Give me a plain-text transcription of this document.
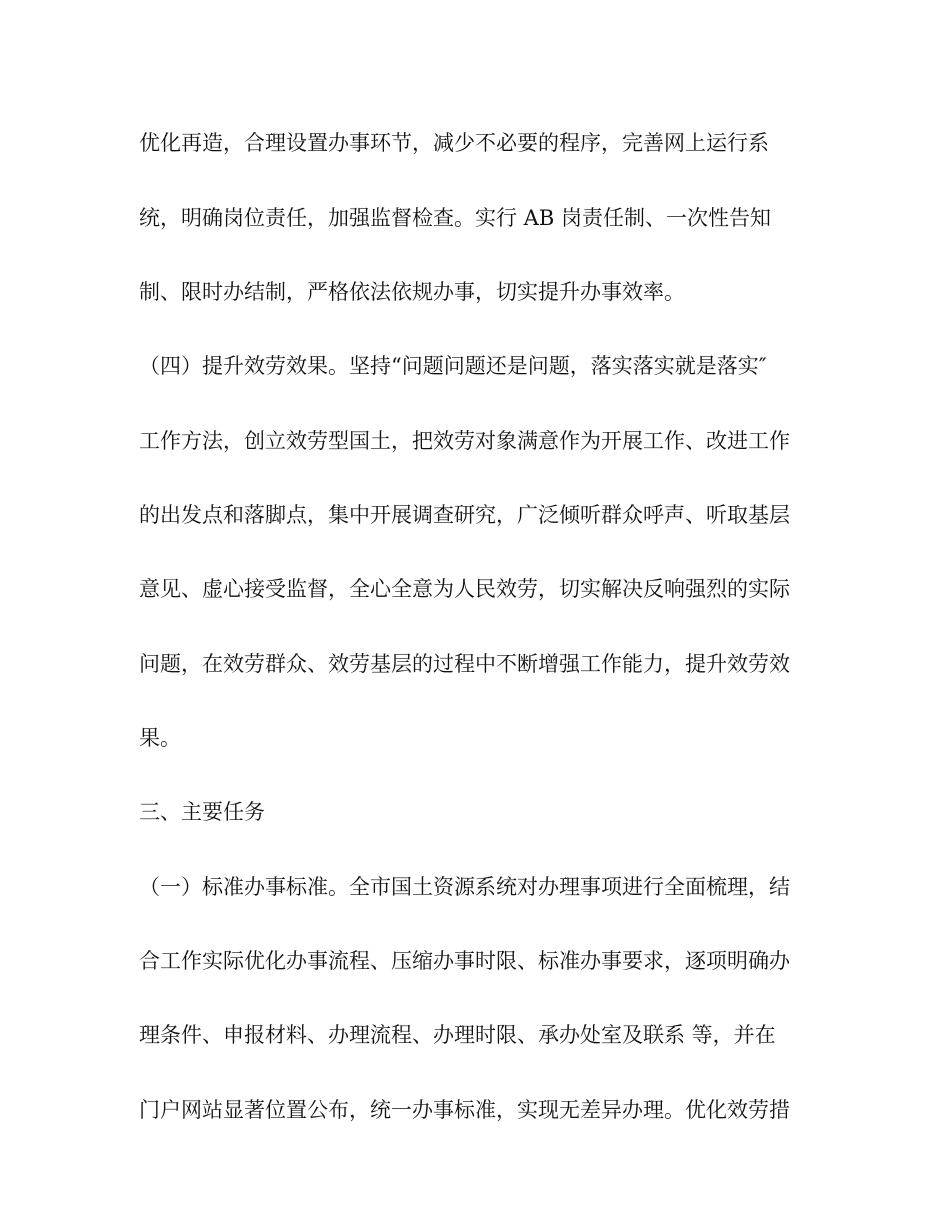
优化再造，合理设置办事环节，减少不必要的程序，完善网上运行系
统，明确岗位责任，加强监督检查。实行 AB 岗责任制、一次性告知
制、限时办结制，严格依法依规办事，切实提升办事效率。
（四）提升效劳效果。坚持“问题问题还是问题，落实落实就是落实″
工作方法，创立效劳型国土，把效劳对象满意作为开展工作、改进工作
的出发点和落脚点，集中开展调查研究，广泛倾听群众呼声、听取基层
意见、虚心接受监督，全心全意为人民效劳，切实解决反响强烈的实际
问题，在效劳群众、效劳基层的过程中不断增强工作能力，提升效劳效
果。
三、主要任务
（一）标准办事标准。全市国土资源系统对办理事项进行全面梳理，结
合工作实际优化办事流程、压缩办事时限、标准办事要求，逐项明确办
理条件、申报材料、办理流程、办理时限、承办处室及联系 等，并在
门户网站显著位置公布，统一办事标准，实现无差异办理。优化效劳措
